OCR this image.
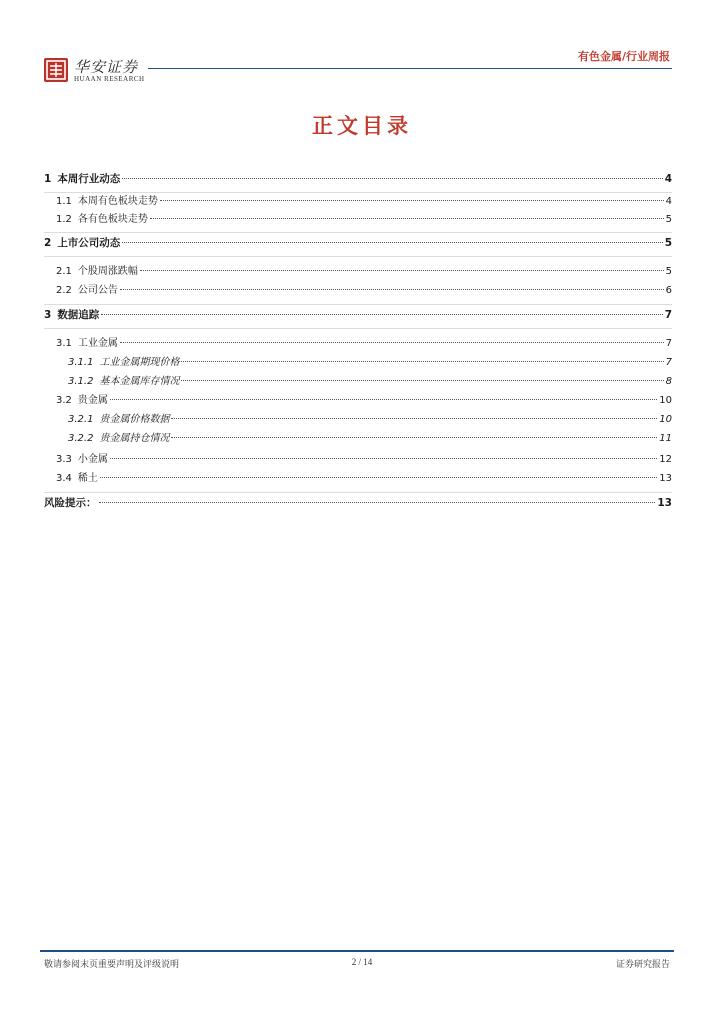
华安证券
HUAAN RESEARCH
有色金属/行业周报
正文目录
1 本周行业动态	4
1.1 本周有色板块走势	4
1.2 各有色板块走势	5
2 上市公司动态	5
2.1 个股周涨跌幅	5
2.2 公司公告	6
3 数据追踪	7
3.1 工业金属	7
3.1.1 工业金属期现价格	7
3.1.2 基本金属库存情况	8
3.2 贵金属	10
3.2.1 贵金属价格数据	10
3.2.2 贵金属持仓情况	11
3.3 小金属	12
3.4 稀土	13
风险提示：	13
敬请参阅末页重要声明及评级说明	2 / 14	证券研究报告
